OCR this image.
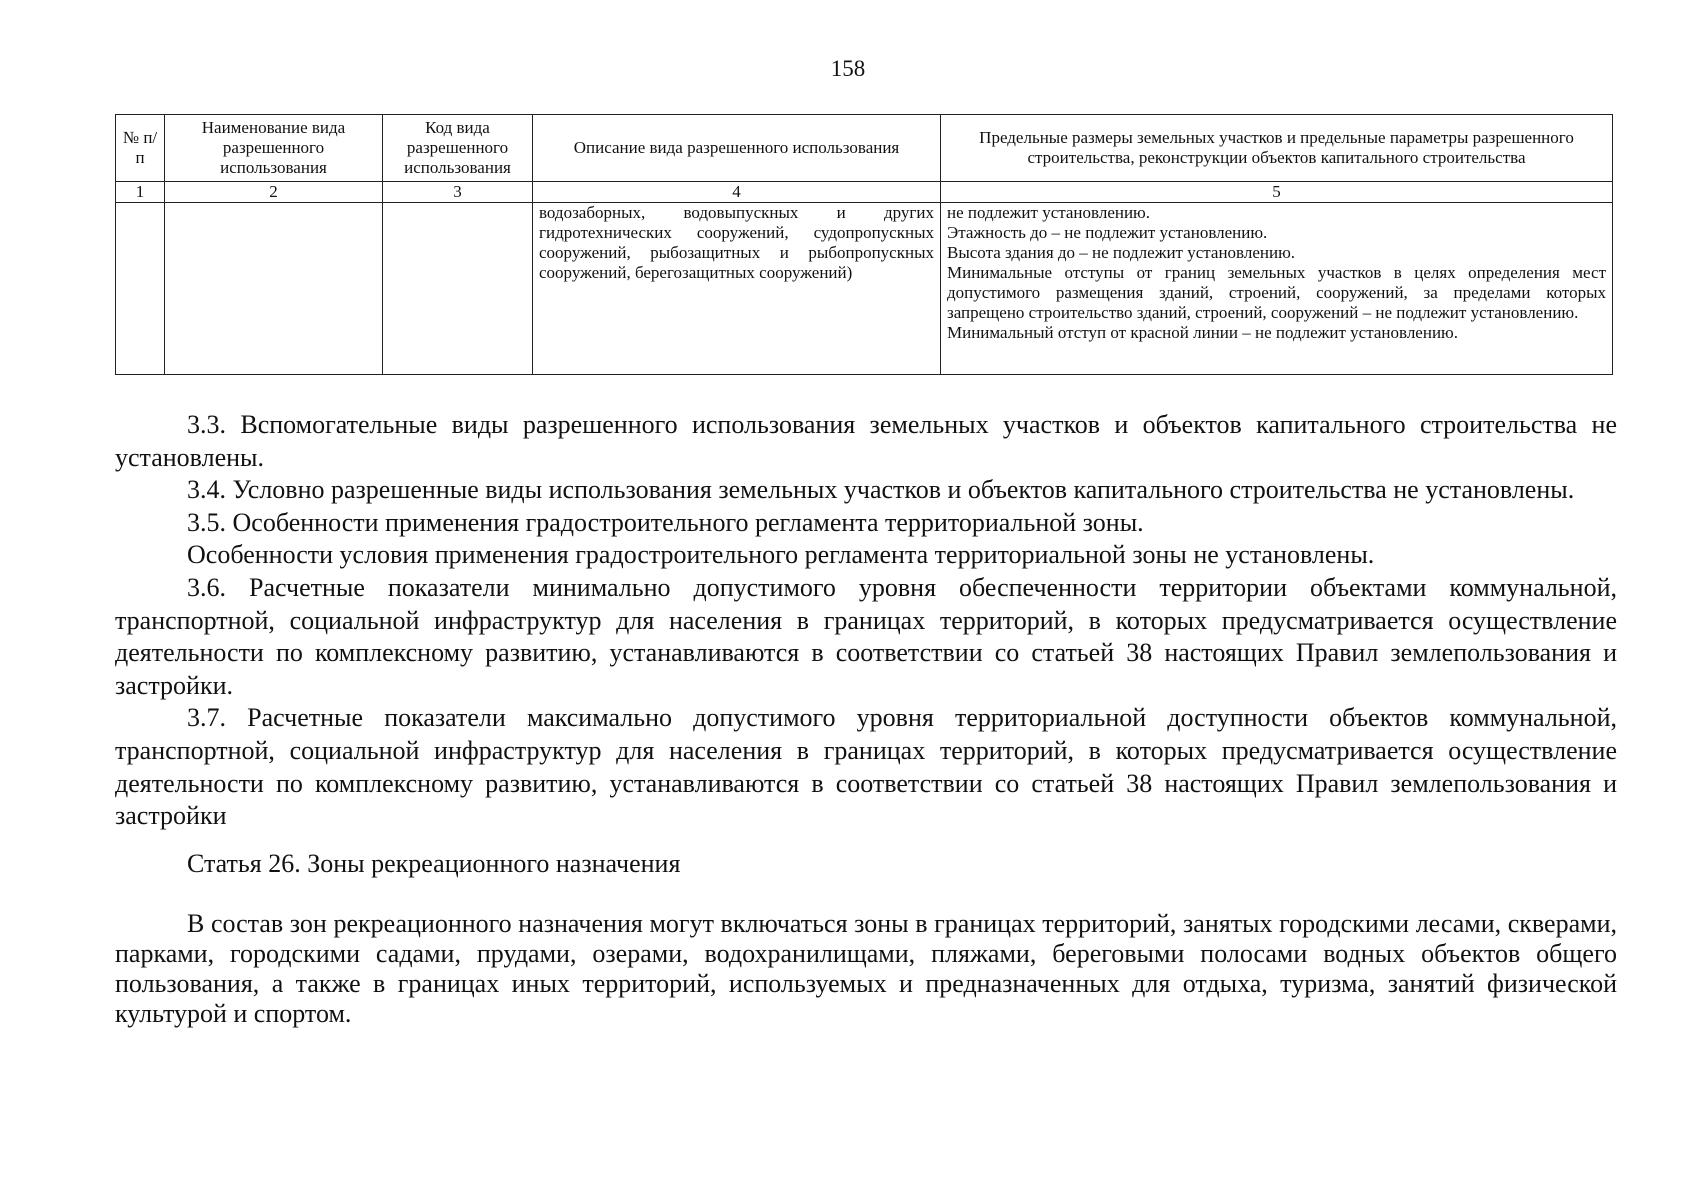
158
№ п/п	Наименование вида разрешенного использования	Код вида разрешенного использования	Описание вида разрешенного использования	Предельные размеры земельных участков и предельные параметры разрешенного строительства, реконструкции объектов капитального строительства
1	2	3	4	5
			водозаборных, водовыпускных и других гидротехнических сооружений, судопропускных сооружений, рыбозащитных и рыбопропускных сооружений, берегозащитных сооружений)	не подлежит установлению.
Этажность до – не подлежит установлению.
Высота здания до – не подлежит установлению.
Минимальные отступы от границ земельных участков в целях определения мест допустимого размещения зданий, строений, сооружений, за пределами которых запрещено строительство зданий, строений, сооружений – не подлежит установлению.
Минимальный отступ от красной линии – не подлежит установлению.

3.3. Вспомогательные виды разрешенного использования земельных участков и объектов капитального строительства не установлены.

3.4. Условно разрешенные виды использования земельных участков и объектов капитального строительства не установлены.

3.5. Особенности применения градостроительного регламента территориальной зоны.

Особенности условия применения градостроительного регламента территориальной зоны не установлены.

3.6. Расчетные показатели минимально допустимого уровня обеспеченности территории объектами коммунальной, транспортной, социальной инфраструктур для населения в границах территорий, в которых предусматривается осуществление деятельности по комплексному развитию, устанавливаются в соответствии со статьей 38 настоящих Правил землепользования и застройки.

3.7. Расчетные показатели максимально допустимого уровня территориальной доступности объектов коммунальной, транспортной, социальной инфраструктур для населения в границах территорий, в которых предусматривается осуществление деятельности по комплексному развитию, устанавливаются в соответствии со статьей 38 настоящих Правил землепользования и застройки

Статья 26. Зоны рекреационного назначения

В состав зон рекреационного назначения могут включаться зоны в границах территорий, занятых городскими лесами, скверами, парками, городскими садами, прудами, озерами, водохранилищами, пляжами, береговыми полосами водных объектов общего пользования, а также в границах иных территорий, используемых и предназначенных для отдыха, туризма, занятий физической культурой и спортом.
